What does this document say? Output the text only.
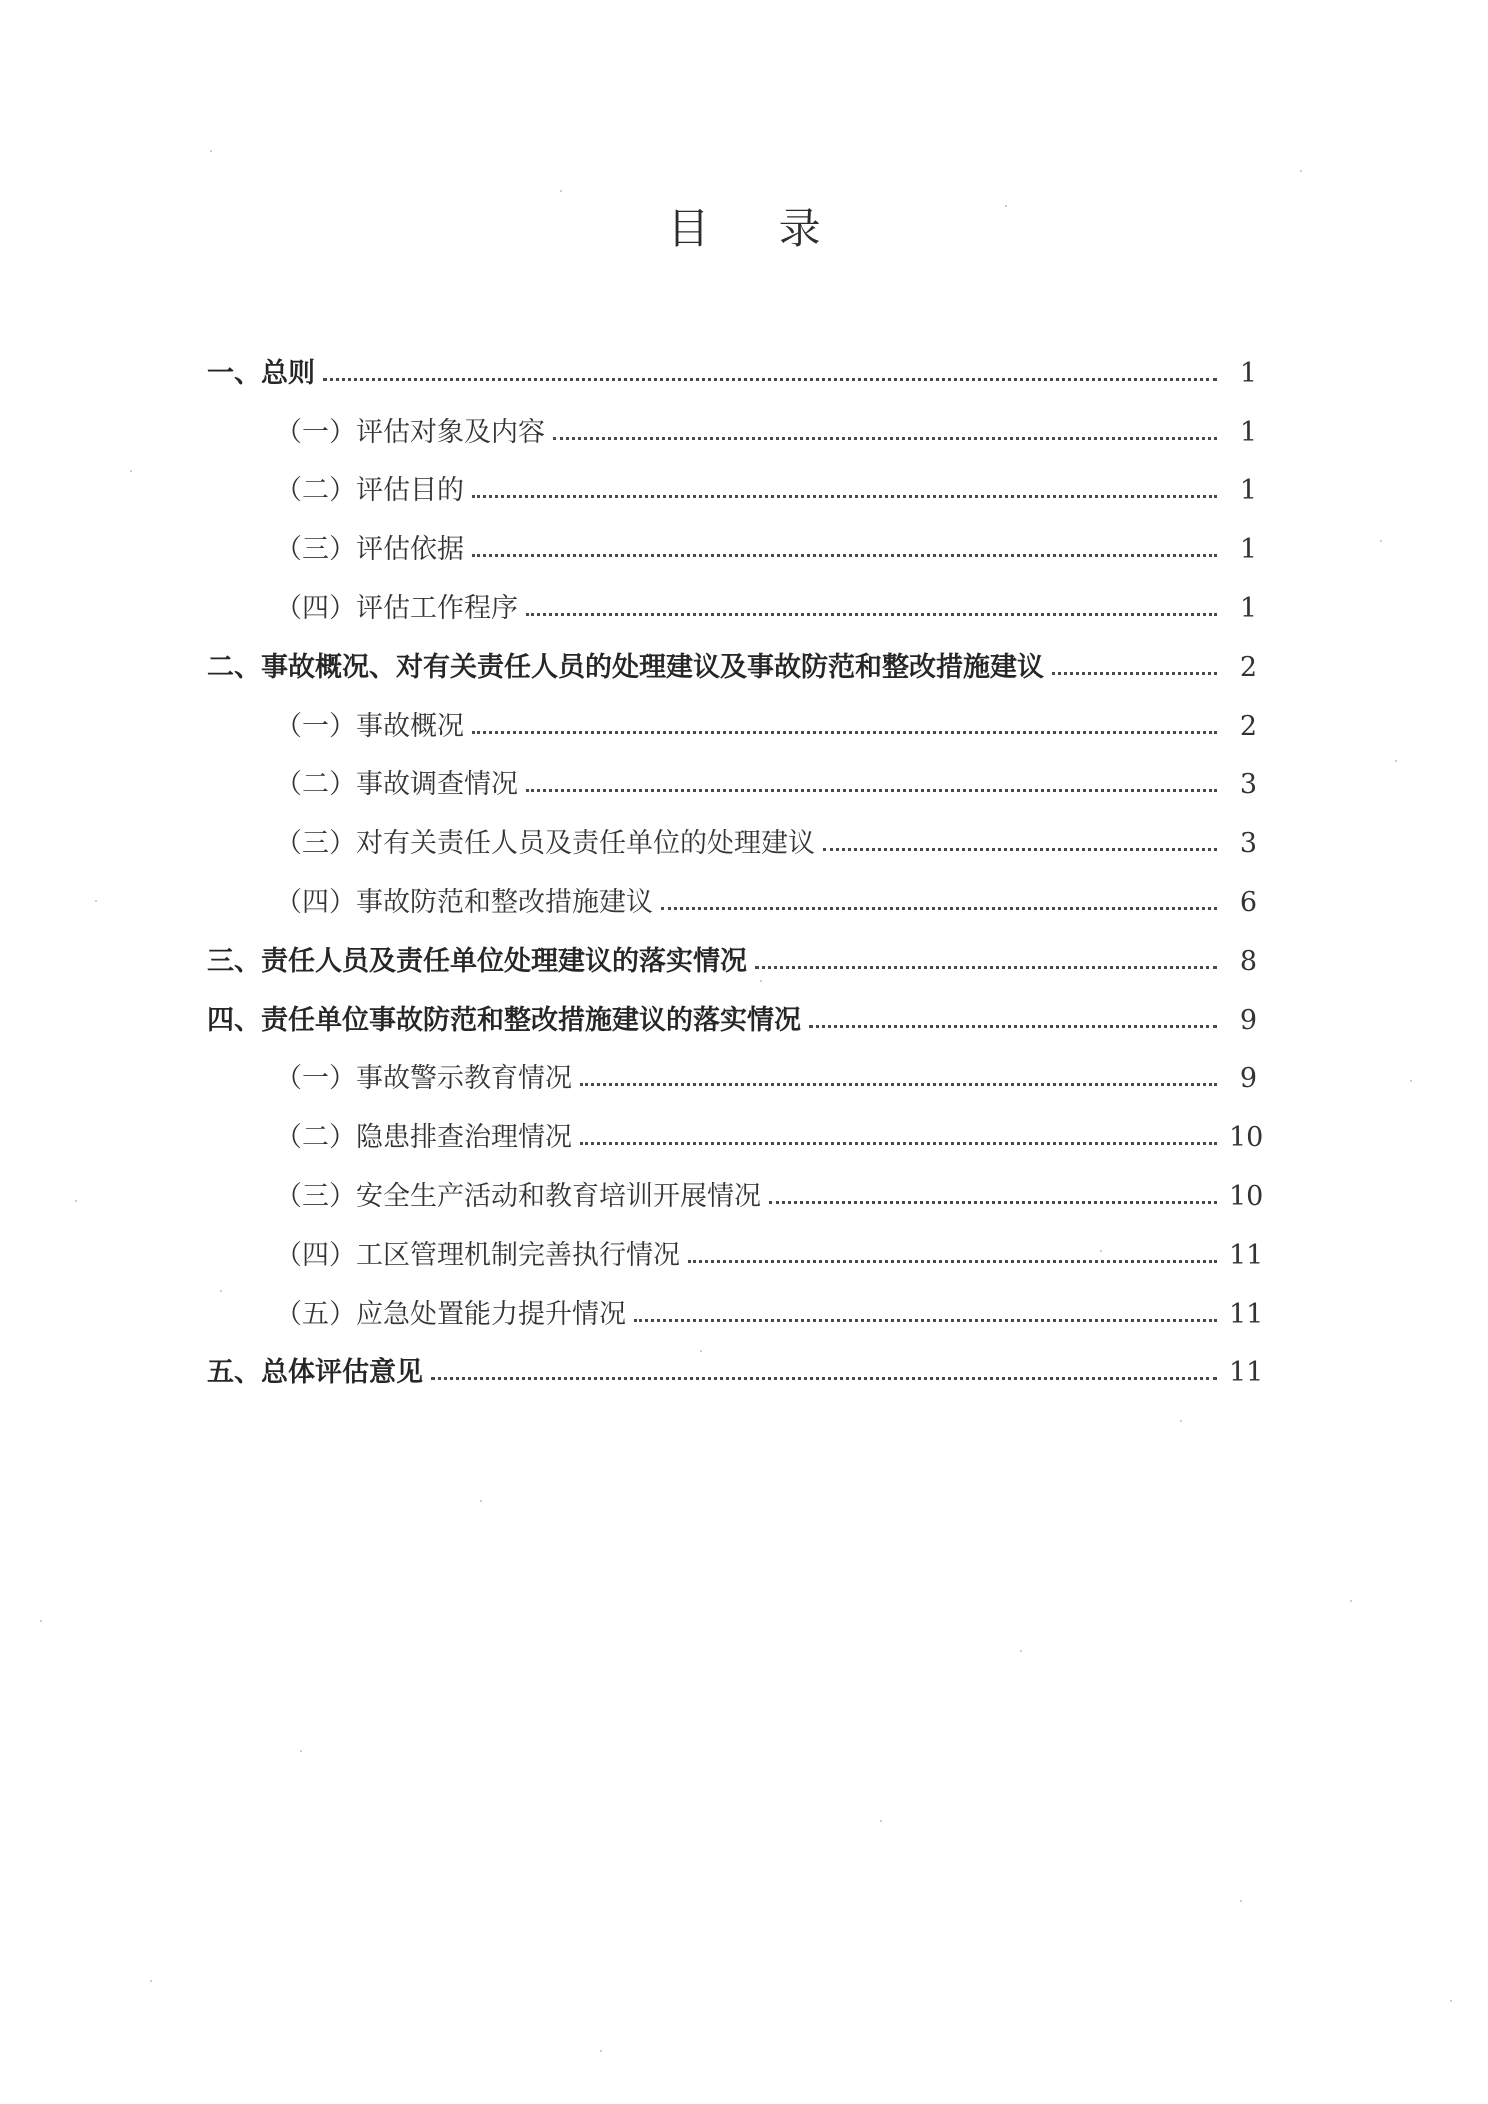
目 录
一、总则	1
（一）评估对象及内容	1
（二）评估目的	1
（三）评估依据	1
（四）评估工作程序	1
二、事故概况、对有关责任人员的处理建议及事故防范和整改措施建议	2
（一）事故概况	2
（二）事故调查情况	3
（三）对有关责任人员及责任单位的处理建议	3
（四）事故防范和整改措施建议	6
三、责任人员及责任单位处理建议的落实情况	8
四、责任单位事故防范和整改措施建议的落实情况	9
（一）事故警示教育情况	9
（二）隐患排查治理情况	10
（三）安全生产活动和教育培训开展情况	10
（四）工区管理机制完善执行情况	11
（五）应急处置能力提升情况	11
五、总体评估意见	11
